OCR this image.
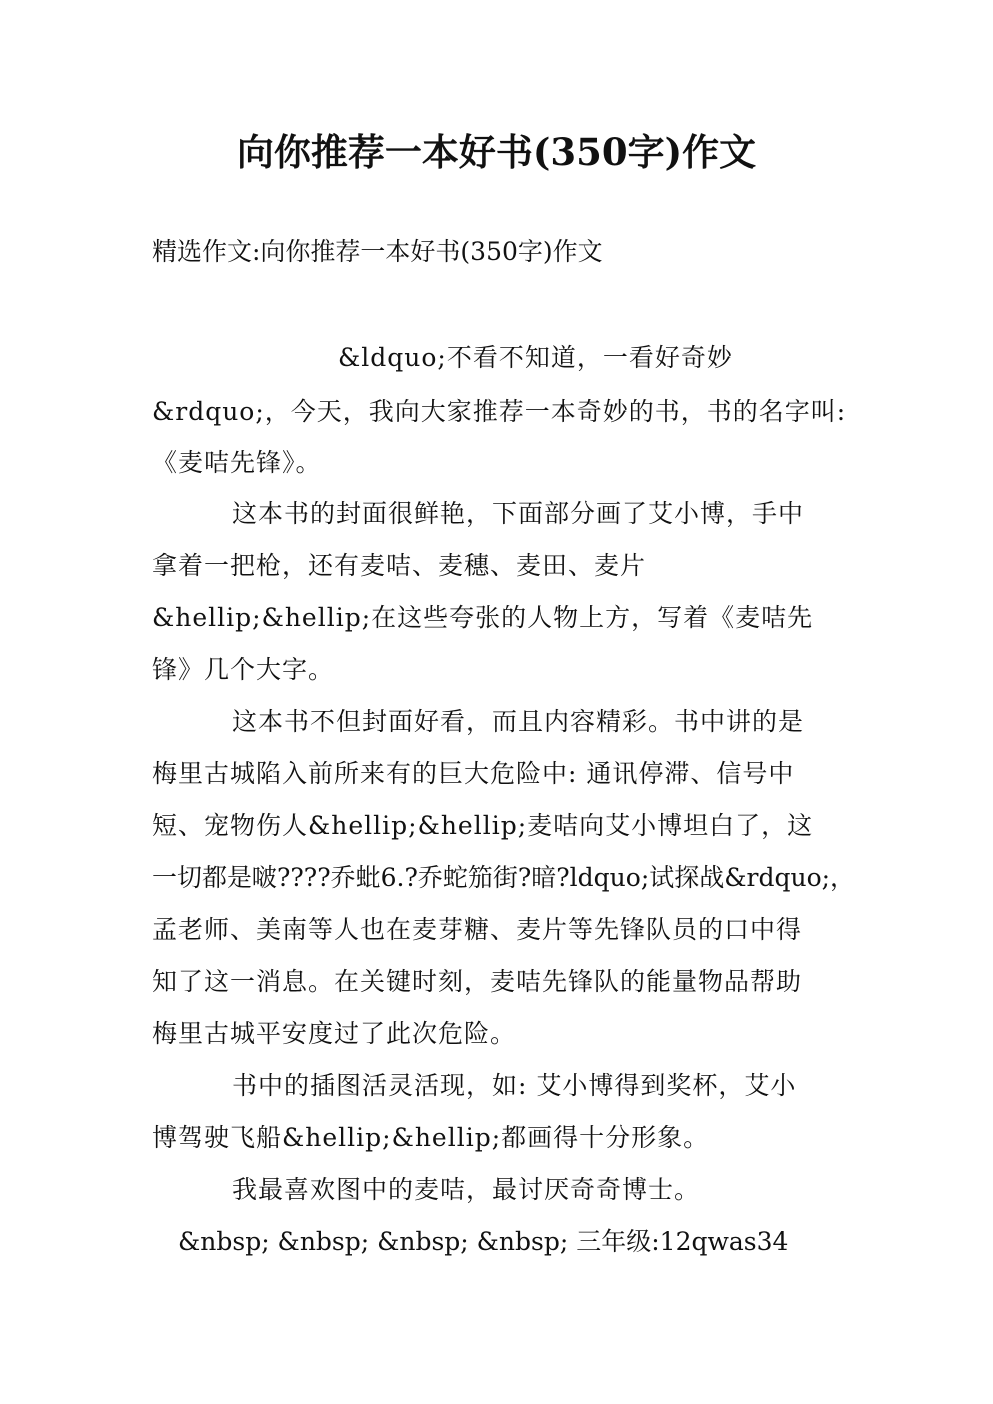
向你推荐一本好书(350字)作文
精选作文:向你推荐一本好书(350字)作文
&ldquo;不看不知道，一看好奇妙
&rdquo;，今天，我向大家推荐一本奇妙的书，书的名字叫:
《麦咭先锋》。
这本书的封面很鲜艳，下面部分画了艾小博，手中
拿着一把枪，还有麦咭、麦穗、麦田、麦片
&hellip;&hellip;在这些夸张的人物上方，写着《麦咭先
锋》几个大字。
这本书不但封面好看，而且内容精彩。书中讲的是
梅里古城陷入前所来有的巨大危险中: 通讯停滞、信号中
短、宠物伤人&hellip;&hellip;麦咭向艾小博坦白了，这
一切都是啵????乔蚍6.?乔蛇笳街?暗?ldquo;试探战&rdquo;，
孟老师、美南等人也在麦芽糖、麦片等先锋队员的口中得
知了这一消息。在关键时刻，麦咭先锋队的能量物品帮助
梅里古城平安度过了此次危险。
书中的插图活灵活现，如: 艾小博得到奖杯，艾小
博驾驶飞船&hellip;&hellip;都画得十分形象。
我最喜欢图中的麦咭，最讨厌奇奇博士。
&nbsp; &nbsp; &nbsp; &nbsp; 三年级:12qwas34
